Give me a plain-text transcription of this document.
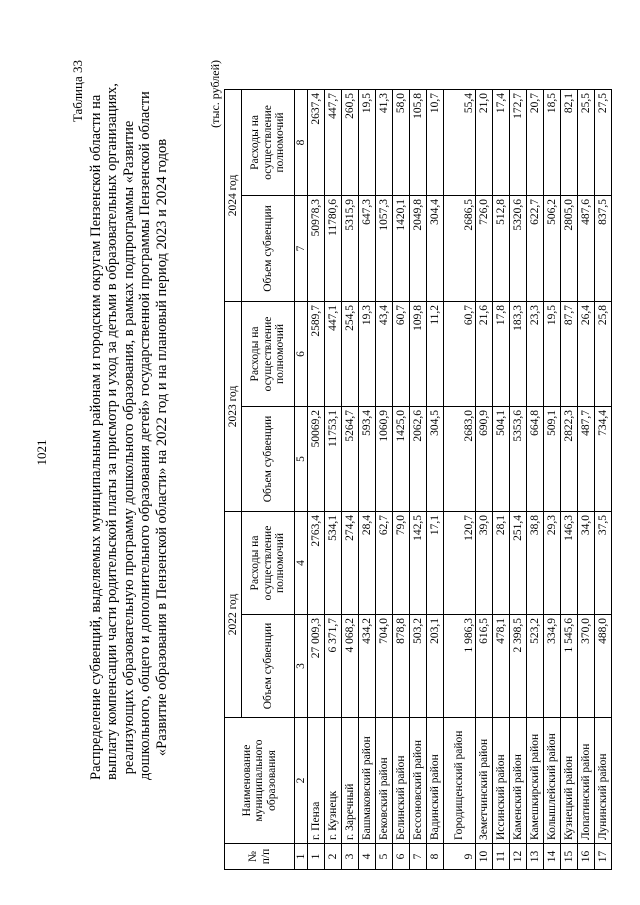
1021
Таблица 33
Распределение субвенций, выделяемых муниципальным районам и городским округам Пензенской области на выплату компенсации части родительской платы за присмотр и уход за детьми в образовательных организациях, реализующих образовательную программу дошкольного образования, в рамках подпрограммы «Развитие дошкольного, общего и дополнительного образования детей» государственной программы Пензенской области «Развитие образования в Пензенской области» на 2022 год и на плановый период 2023 и 2024 годов
(тыс. рублей)
№ п/п	Наименование муниципального образования	2022 год		2023 год		2024 год	
		Объем субвенции	Расходы на осуществление полномочий	Объем субвенции	Расходы на осуществление полномочий	Объем субвенции	Расходы на осуществление полномочий
1	2	3	4	5	6	7	8
1	г. Пенза	27 009,3	2763,4	50069,2	2589,7	50978,3	2637,4
2	г. Кузнецк	6 371,7	534,1	11753,1	447,1	11780,6	447,7
3	г. Заречный	4 068,2	274,4	5264,7	254,5	5315,9	260,5
4	Башмаковский район	434,2	28,4	593,4	19,3	647,3	19,5
5	Бековский район	704,0	62,7	1060,9	43,4	1057,3	41,3
6	Белинский район	878,8	79,0	1425,0	60,7	1420,1	58,0
7	Бессоновский район	503,2	142,5	2062,6	109,8	2049,8	105,8
8	Вадинский район	203,1	17,1	304,5	11,2	304,4	10,7
9	Городищенский район	1 986,3	120,7	2683,0	60,7	2686,5	55,4
10	Земетчинский район	616,5	39,0	690,9	21,6	726,0	21,0
11	Иссинский район	478,1	28,1	504,1	17,8	512,8	17,4
12	Каменский район	2 398,5	251,4	5353,6	183,3	5320,6	172,7
13	Камешкирский район	523,2	38,8	664,8	23,3	622,7	20,7
14	Колышлейский район	334,9	29,3	509,1	19,5	506,2	18,5
15	Кузнецкий район	1 545,6	146,3	2822,3	87,7	2805,0	82,1
16	Лопатинский район	370,0	34,0	487,7	26,4	487,6	25,5
17	Лунинский район	488,0	37,5	734,4	25,8	837,5	27,5
